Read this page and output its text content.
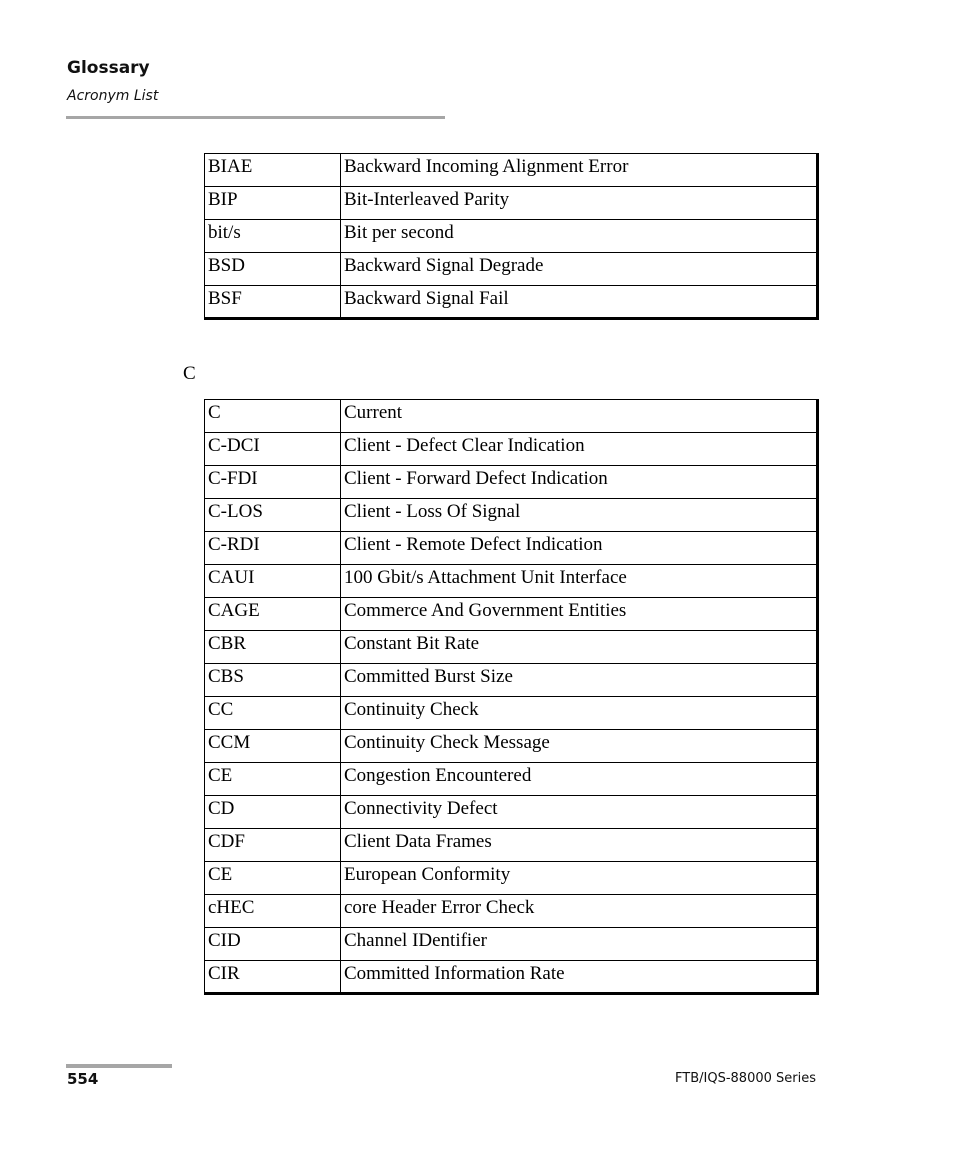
Glossary
Acronym List
BIAE	Backward Incoming Alignment Error
BIP	Bit-Interleaved Parity
bit/s	Bit per second
BSD	Backward Signal Degrade
BSF	Backward Signal Fail
C
C	Current
C-DCI	Client - Defect Clear Indication
C-FDI	Client - Forward Defect Indication
C-LOS	Client - Loss Of Signal
C-RDI	Client - Remote Defect Indication
CAUI	100 Gbit/s Attachment Unit Interface
CAGE	Commerce And Government Entities
CBR	Constant Bit Rate
CBS	Committed Burst Size
CC	Continuity Check
CCM	Continuity Check Message
CE	Congestion Encountered
CD	Connectivity Defect
CDF	Client Data Frames
CE	European Conformity
cHEC	core Header Error Check
CID	Channel IDentifier
CIR	Committed Information Rate
554	FTB/IQS-88000 Series
